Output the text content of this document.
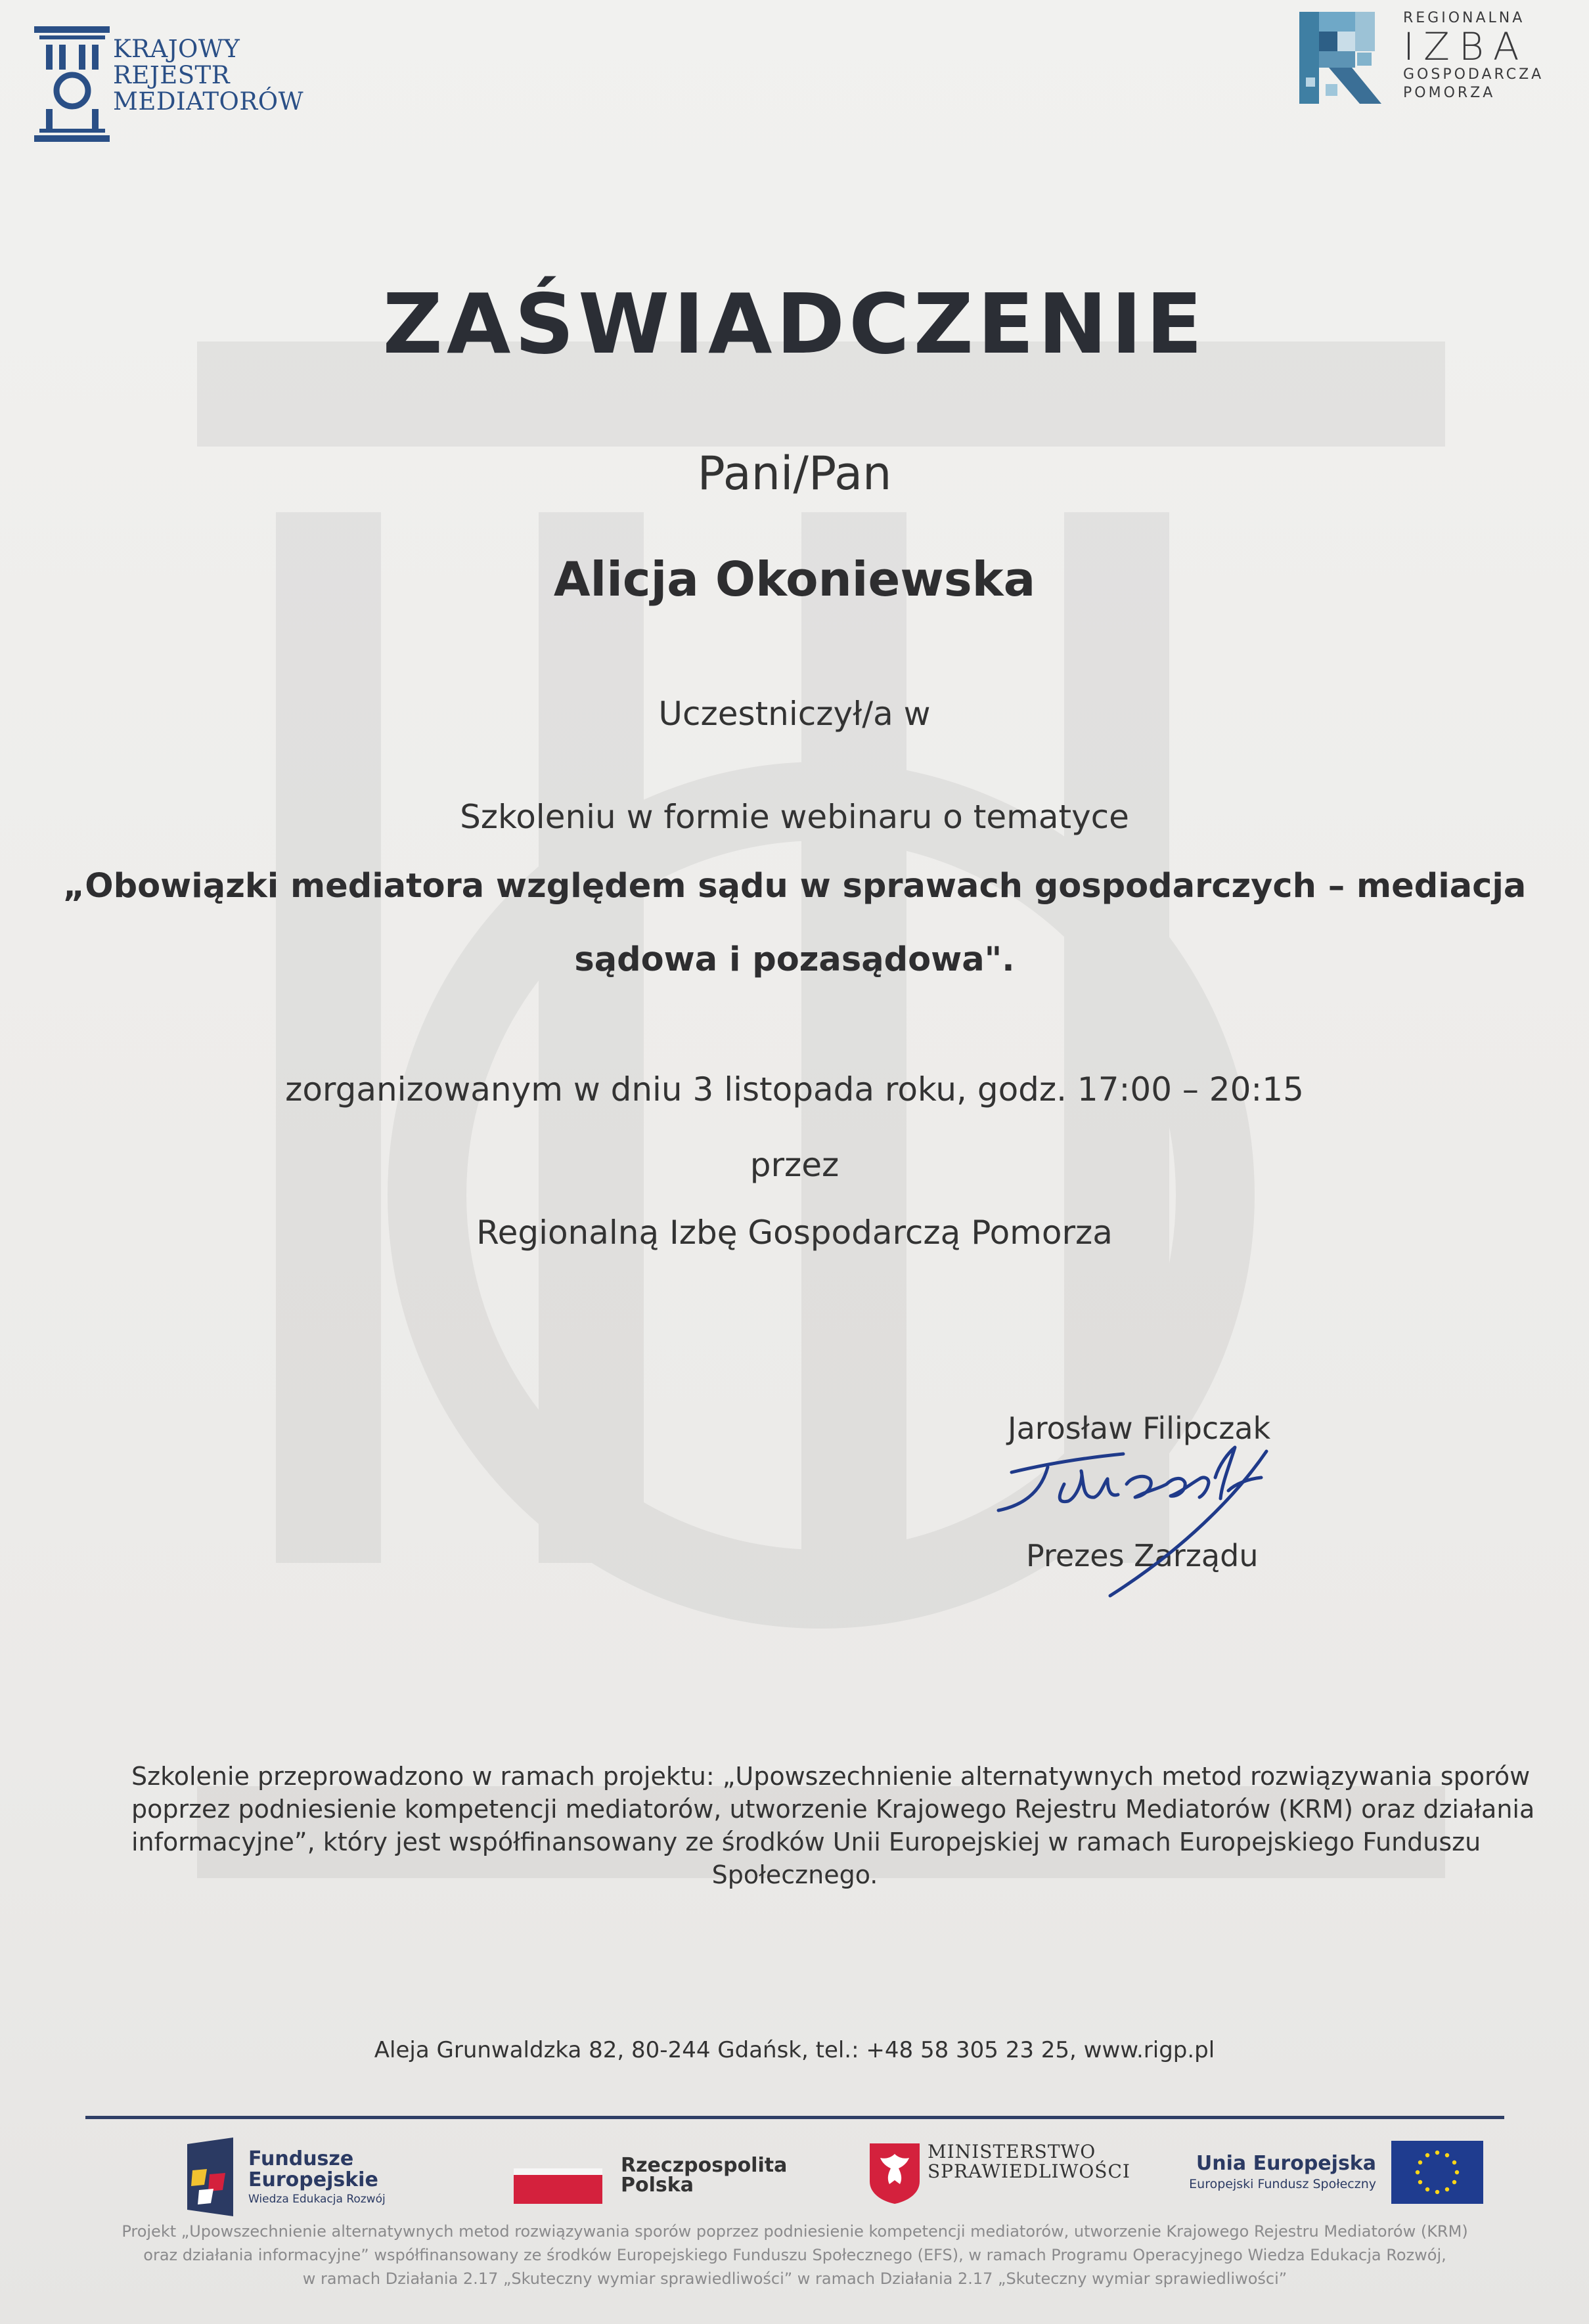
KRAJOWY
REJESTR
MEDIATORÓW
REGIONALNA
IZBA
GOSPODARCZA
POMORZA
ZAŚWIADCZENIE
Pani/Pan
Alicja Okoniewska
Uczestniczył/a w
Szkoleniu w formie webinaru o tematyce
„Obowiązki mediatora względem sądu w sprawach gospodarczych – mediacja
sądowa i pozasądowa".
zorganizowanym w dniu 3 listopada roku, godz. 17:00 – 20:15
przez
Regionalną Izbę Gospodarczą Pomorza
Jarosław Filipczak
Prezes Zarządu
Szkolenie przeprowadzono w ramach projektu: „Upowszechnienie alternatywnych metod rozwiązywania sporów
poprzez podniesienie kompetencji mediatorów, utworzenie Krajowego Rejestru Mediatorów (KRM) oraz działania
informacyjne”, który jest współfinansowany ze środków Unii Europejskiej w ramach Europejskiego Funduszu
Społecznego.
Aleja Grunwaldzka 82, 80-244 Gdańsk, tel.: +48 58 305 23 25, www.rigp.pl
Fundusze
Europejskie
Wiedza Edukacja Rozwój
Rzeczpospolita
Polska
MINISTERSTWO
SPRAWIEDLIWOŚCI	Unia Europejska
Europejski Fundusz Społeczny
Projekt „Upowszechnienie alternatywnych metod rozwiązywania sporów poprzez podniesienie kompetencji mediatorów, utworzenie Krajowego Rejestru Mediatorów (KRM)
oraz działania informacyjne” współfinansowany ze środków Europejskiego Funduszu Społecznego (EFS), w ramach Programu Operacyjnego Wiedza Edukacja Rozwój,
w ramach Działania 2.17 „Skuteczny wymiar sprawiedliwości” w ramach Działania 2.17 „Skuteczny wymiar sprawiedliwości”
